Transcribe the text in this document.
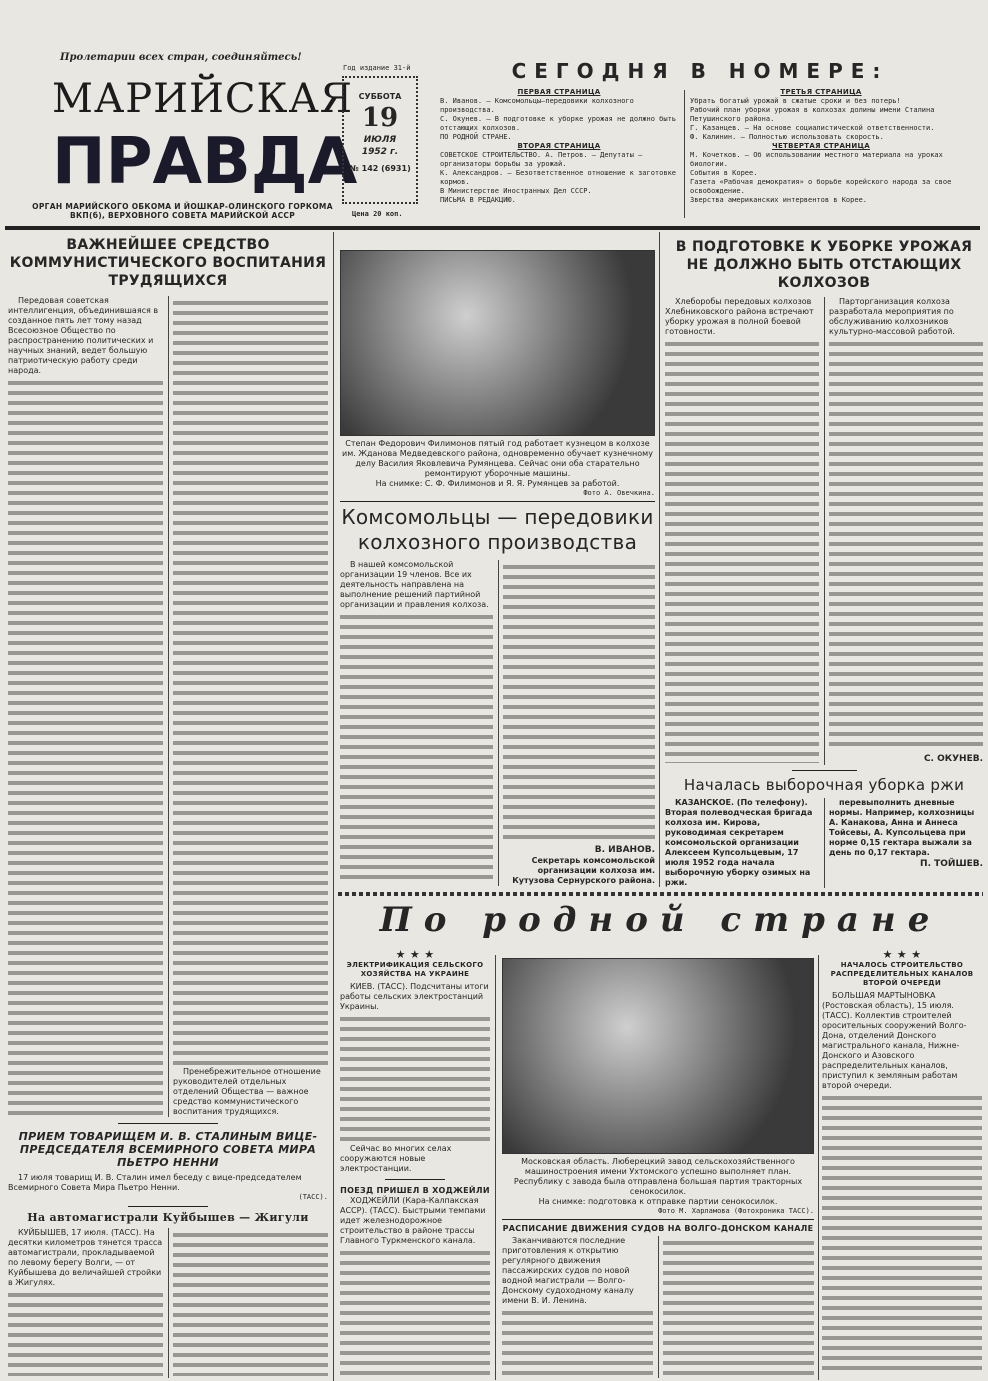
Пролетарии всех стран, соединяйтесь!
МАРИЙСКАЯ
ПРАВДА
ОРГАН МАРИЙСКОГО ОБКОМА И ЙОШКАР-ОЛИНСКОГО ГОРКОМА ВКП(б), ВЕРХОВНОГО СОВЕТА МАРИЙСКОЙ АССР
Год издание 31-й
СУББОТА
19
ИЮЛЯ
1952 г.
№ 142 (6931)
Цена 20 коп.
СЕГОДНЯ В НОМЕРЕ:
ПЕРВАЯ СТРАНИЦА
В. Иванов. — Комсомольцы—передовики колхозного производства.
С. Окунев. — В подготовке к уборке урожая не должно быть отстающих колхозов.
ПО РОДНОЙ СТРАНЕ.
ВТОРАЯ СТРАНИЦА
СОВЕТСКОЕ СТРОИТЕЛЬСТВО. А. Петров. — Депутаты — организаторы борьбы за урожай.
К. Александров. — Безответственное отношение к заготовке кормов.
В Министерстве Иностранных Дел СССР.
ПИСЬМА В РЕДАКЦИЮ.
ТРЕТЬЯ СТРАНИЦА
Убрать богатый урожай в сжатые сроки и без потерь!
Рабочий план уборки урожая в колхозах долины имени Сталина Петушинского района.
Г. Казанцев. — На основе социалистической ответственности.
Ф. Калинин. — Полностью использовать скорость.
ЧЕТВЕРТАЯ СТРАНИЦА
М. Кочетков. — Об использовании местного материала на уроках биологии.
События в Корее.
Газета «Рабочая демократия» о борьбе корейского народа за свое освобождение.
Зверства американских интервентов в Корее.
ВАЖНЕЙШЕЕ СРЕДСТВО КОММУНИСТИЧЕСКОГО ВОСПИТАНИЯ ТРУДЯЩИХСЯ

Передовая советская интеллигенция, объединившаяся в созданное пять лет тому назад Всесоюзное Общество по распространению политических и научных знаний, ведет большую патриотическую работу среди народа.

Пренебрежительное отношение руководителей отдельных отделений Общества — важное средство коммунистического воспитания трудящихся.

ПРИЕМ ТОВАРИЩЕМ И. В. СТАЛИНЫМ ВИЦЕ-ПРЕДСЕДАТЕЛЯ ВСЕМИРНОГО СОВЕТА МИРА ПЬЕТРО НЕННИ

17 июля товарищ И. В. Сталин имел беседу с вице-председателем Всемирного Совета Мира Пьетро Ненни.

(ТАСС).
На автомагистрали Куйбышев — Жигули

КУЙБЫШЕВ, 17 июля. (ТАСС). На десятки километров тянется трасса автомагистрали, прокладываемой по левому берегу Волги, — от Куйбышева до величайшей стройки в Жигулях.

Степан Федорович Филимонов пятый год работает кузнецом в колхозе им. Жданова Медведевского района, одновременно обучает кузнечному делу Василия Яковлевича Румянцева. Сейчас они оба старательно ремонтируют уборочные машины.
На снимке: С. Ф. Филимонов и Я. Я. Румянцев за работой.
Фото А. Овечкина.
Комсомольцы — передовики колхозного производства

В нашей комсомольской организации 19 членов. Все их деятельность направлена на выполнение решений партийной организации и правления колхоза.

В. ИВАНОВ.
Секретарь комсомольской организации колхоза им. Кутузова Сернурского района.
В ПОДГОТОВКЕ К УБОРКЕ УРОЖАЯ НЕ ДОЛЖНО БЫТЬ ОТСТАЮЩИХ КОЛХОЗОВ

Хлеборобы передовых колхозов Хлебниковского района встречают уборку урожая в полной боевой готовности.

Парторганизация колхоза разработала мероприятия по обслуживанию колхозников культурно-массовой работой.

С. ОКУНЕВ.
Началась выборочная уборка ржи

КАЗАНСКОЕ. (По телефону). Вторая полеводческая бригада колхоза им. Кирова, руководимая секретарем комсомольской организации Алексеем Купсольцевым, 17 июля 1952 года начала выборочную уборку озимых на ржи.

перевыполнить дневные нормы. Например, колхозницы А. Канакова, Анна и Аннеса Тойсевы, А. Купсольцева при норме 0,15 гектара выжали за день по 0,17 гектара.

П. ТОЙШЕВ.
По родной стране
★ ★ ★
ЭЛЕКТРИФИКАЦИЯ СЕЛЬСКОГО ХОЗЯЙСТВА НА УКРАИНЕ

КИЕВ. (ТАСС). Подсчитаны итоги работы сельских электростанций Украины.

Сейчас во многих селах сооружаются новые электростанции.

ПОЕЗД ПРИШЕЛ В ХОДЖЕЙЛИ

ХОДЖЕЙЛИ (Кара-Калпакская АССР). (ТАСС). Быстрыми темпами идет железнодорожное строительство в районе трассы Главного Туркменского канала.

Московская область. Люберецкий завод сельскохозяйственного машиностроения имени Ухтомского успешно выполняет план. Республику с завода была отправлена большая партия тракторных сенокосилок.
На снимке: подготовка к отправке партии сенокосилок.
Фото М. Харламова (Фотохроника ТАСС).
РАСПИСАНИЕ ДВИЖЕНИЯ СУДОВ НА ВОЛГО-ДОНСКОМ КАНАЛЕ

Заканчиваются последние приготовления к открытию регулярного движения пассажирских судов по новой водной магистрали — Волго-Донскому судоходному каналу имени В. И. Ленина.

★ ★ ★
НАЧАЛОСЬ СТРОИТЕЛЬСТВО РАСПРЕДЕЛИТЕЛЬНЫХ КАНАЛОВ ВТОРОЙ ОЧЕРЕДИ

БОЛЬШАЯ МАРТЫНОВКА (Ростовская область), 15 июля. (ТАСС). Коллектив строителей оросительных сооружений Волго-Дона, отделений Донского магистрального канала, Нижне-Донского и Азовского распределительных каналов, приступил к земляным работам второй очереди.
